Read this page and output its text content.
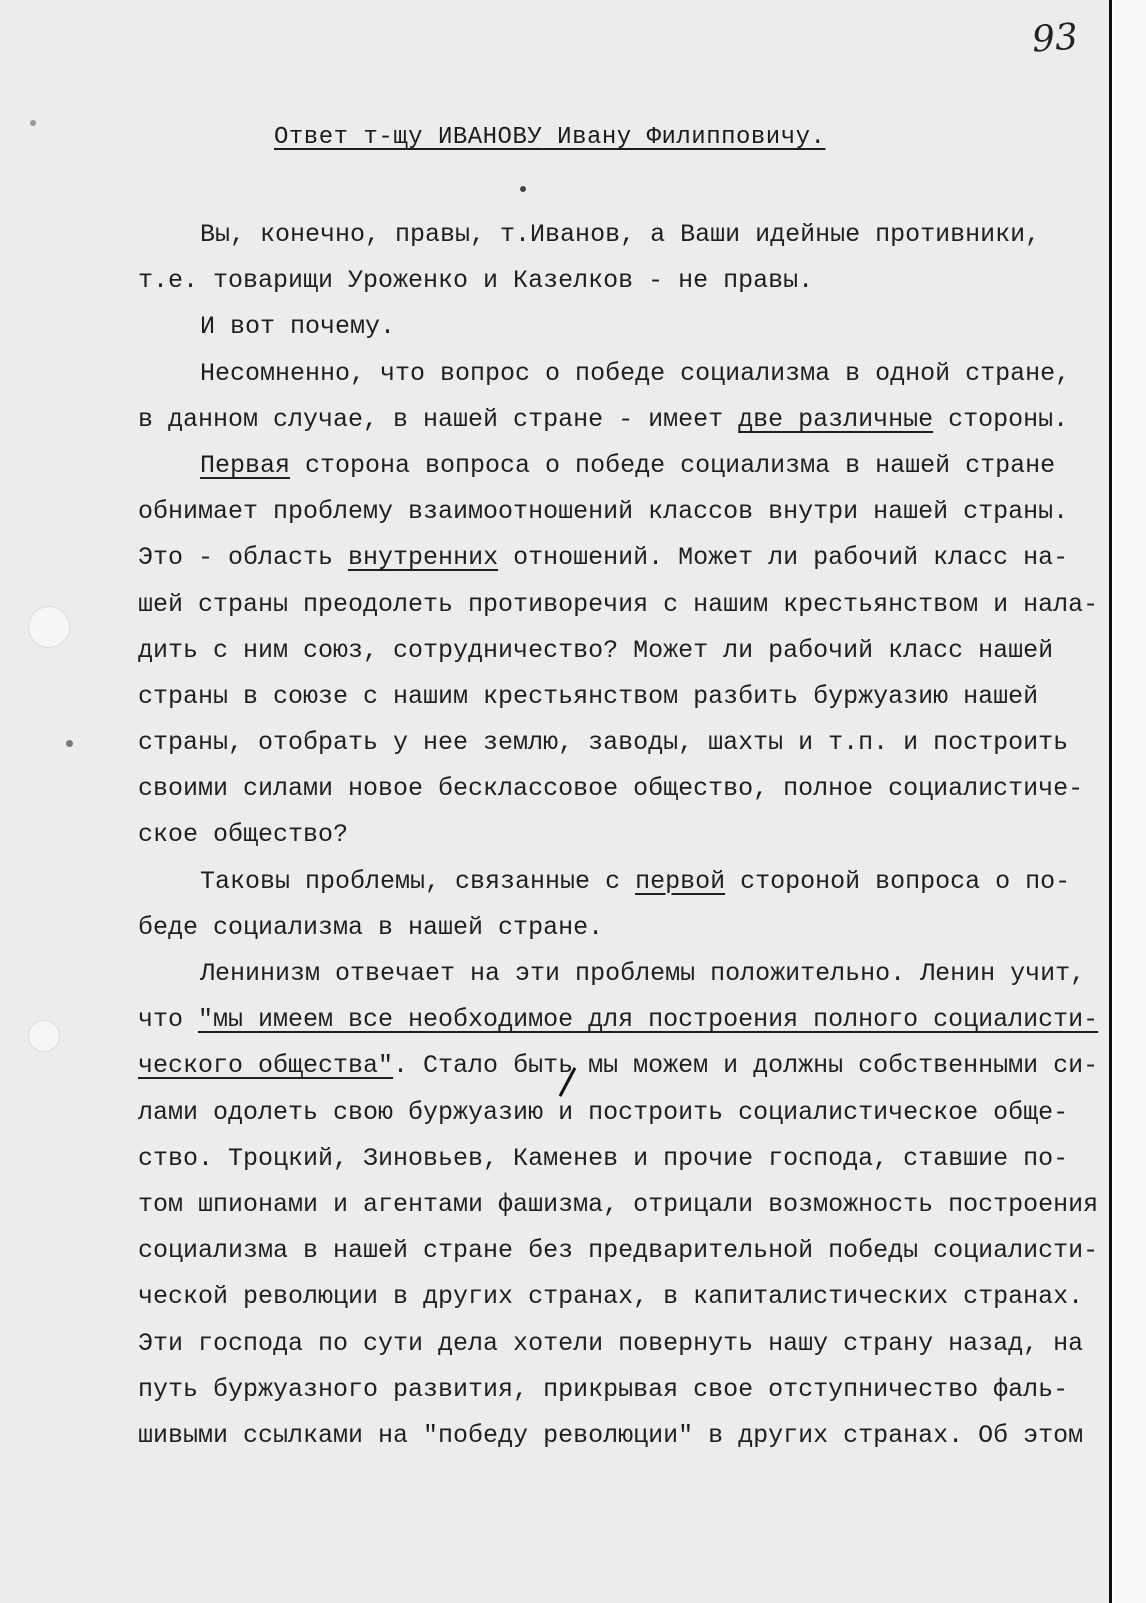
93
Ответ т-щу ИВАНОВУ Ивану Филипповичу.
Вы, конечно, правы, т.Иванов, а Ваши идейные противники,
т.е. товарищи Уроженко и Казелков - не правы.
И вот почему.
Несомненно, что вопрос о победе социализма в одной стране,
в данном случае, в нашей стране - имеет две различные стороны.
Первая сторона вопроса о победе социализма в нашей стране
обнимает проблему взаимоотношений классов внутри нашей страны.
Это - область внутренних отношений. Может ли рабочий класс на-
шей страны преодолеть противоречия с нашим крестьянством и нала-
дить с ним союз, сотрудничество? Может ли рабочий класс нашей
страны в союзе с нашим крестьянством разбить буржуазию нашей
страны, отобрать у нее землю, заводы, шахты и т.п. и построить
своими силами новое бесклассовое общество, полное социалистиче-
ское общество?
Таковы проблемы, связанные с первой стороной вопроса о по-
беде социализма в нашей стране.
Ленинизм отвечает на эти проблемы положительно. Ленин учит,
что "мы имеем все необходимое для построения полного социалисти-
ческого общества". Стало быть мы можем и должны собственными си-
лами одолеть свою буржуазию и построить социалистическое обще-
ство. Троцкий, Зиновьев, Каменев и прочие господа, ставшие по-
том шпионами и агентами фашизма, отрицали возможность построения
социализма в нашей стране без предварительной победы социалисти-
ческой революции в других странах, в капиталистических странах.
Эти господа по сути дела хотели повернуть нашу страну назад, на
путь буржуазного развития, прикрывая свое отступничество фаль-
шивыми ссылками на "победу революции" в других странах. Об этом
